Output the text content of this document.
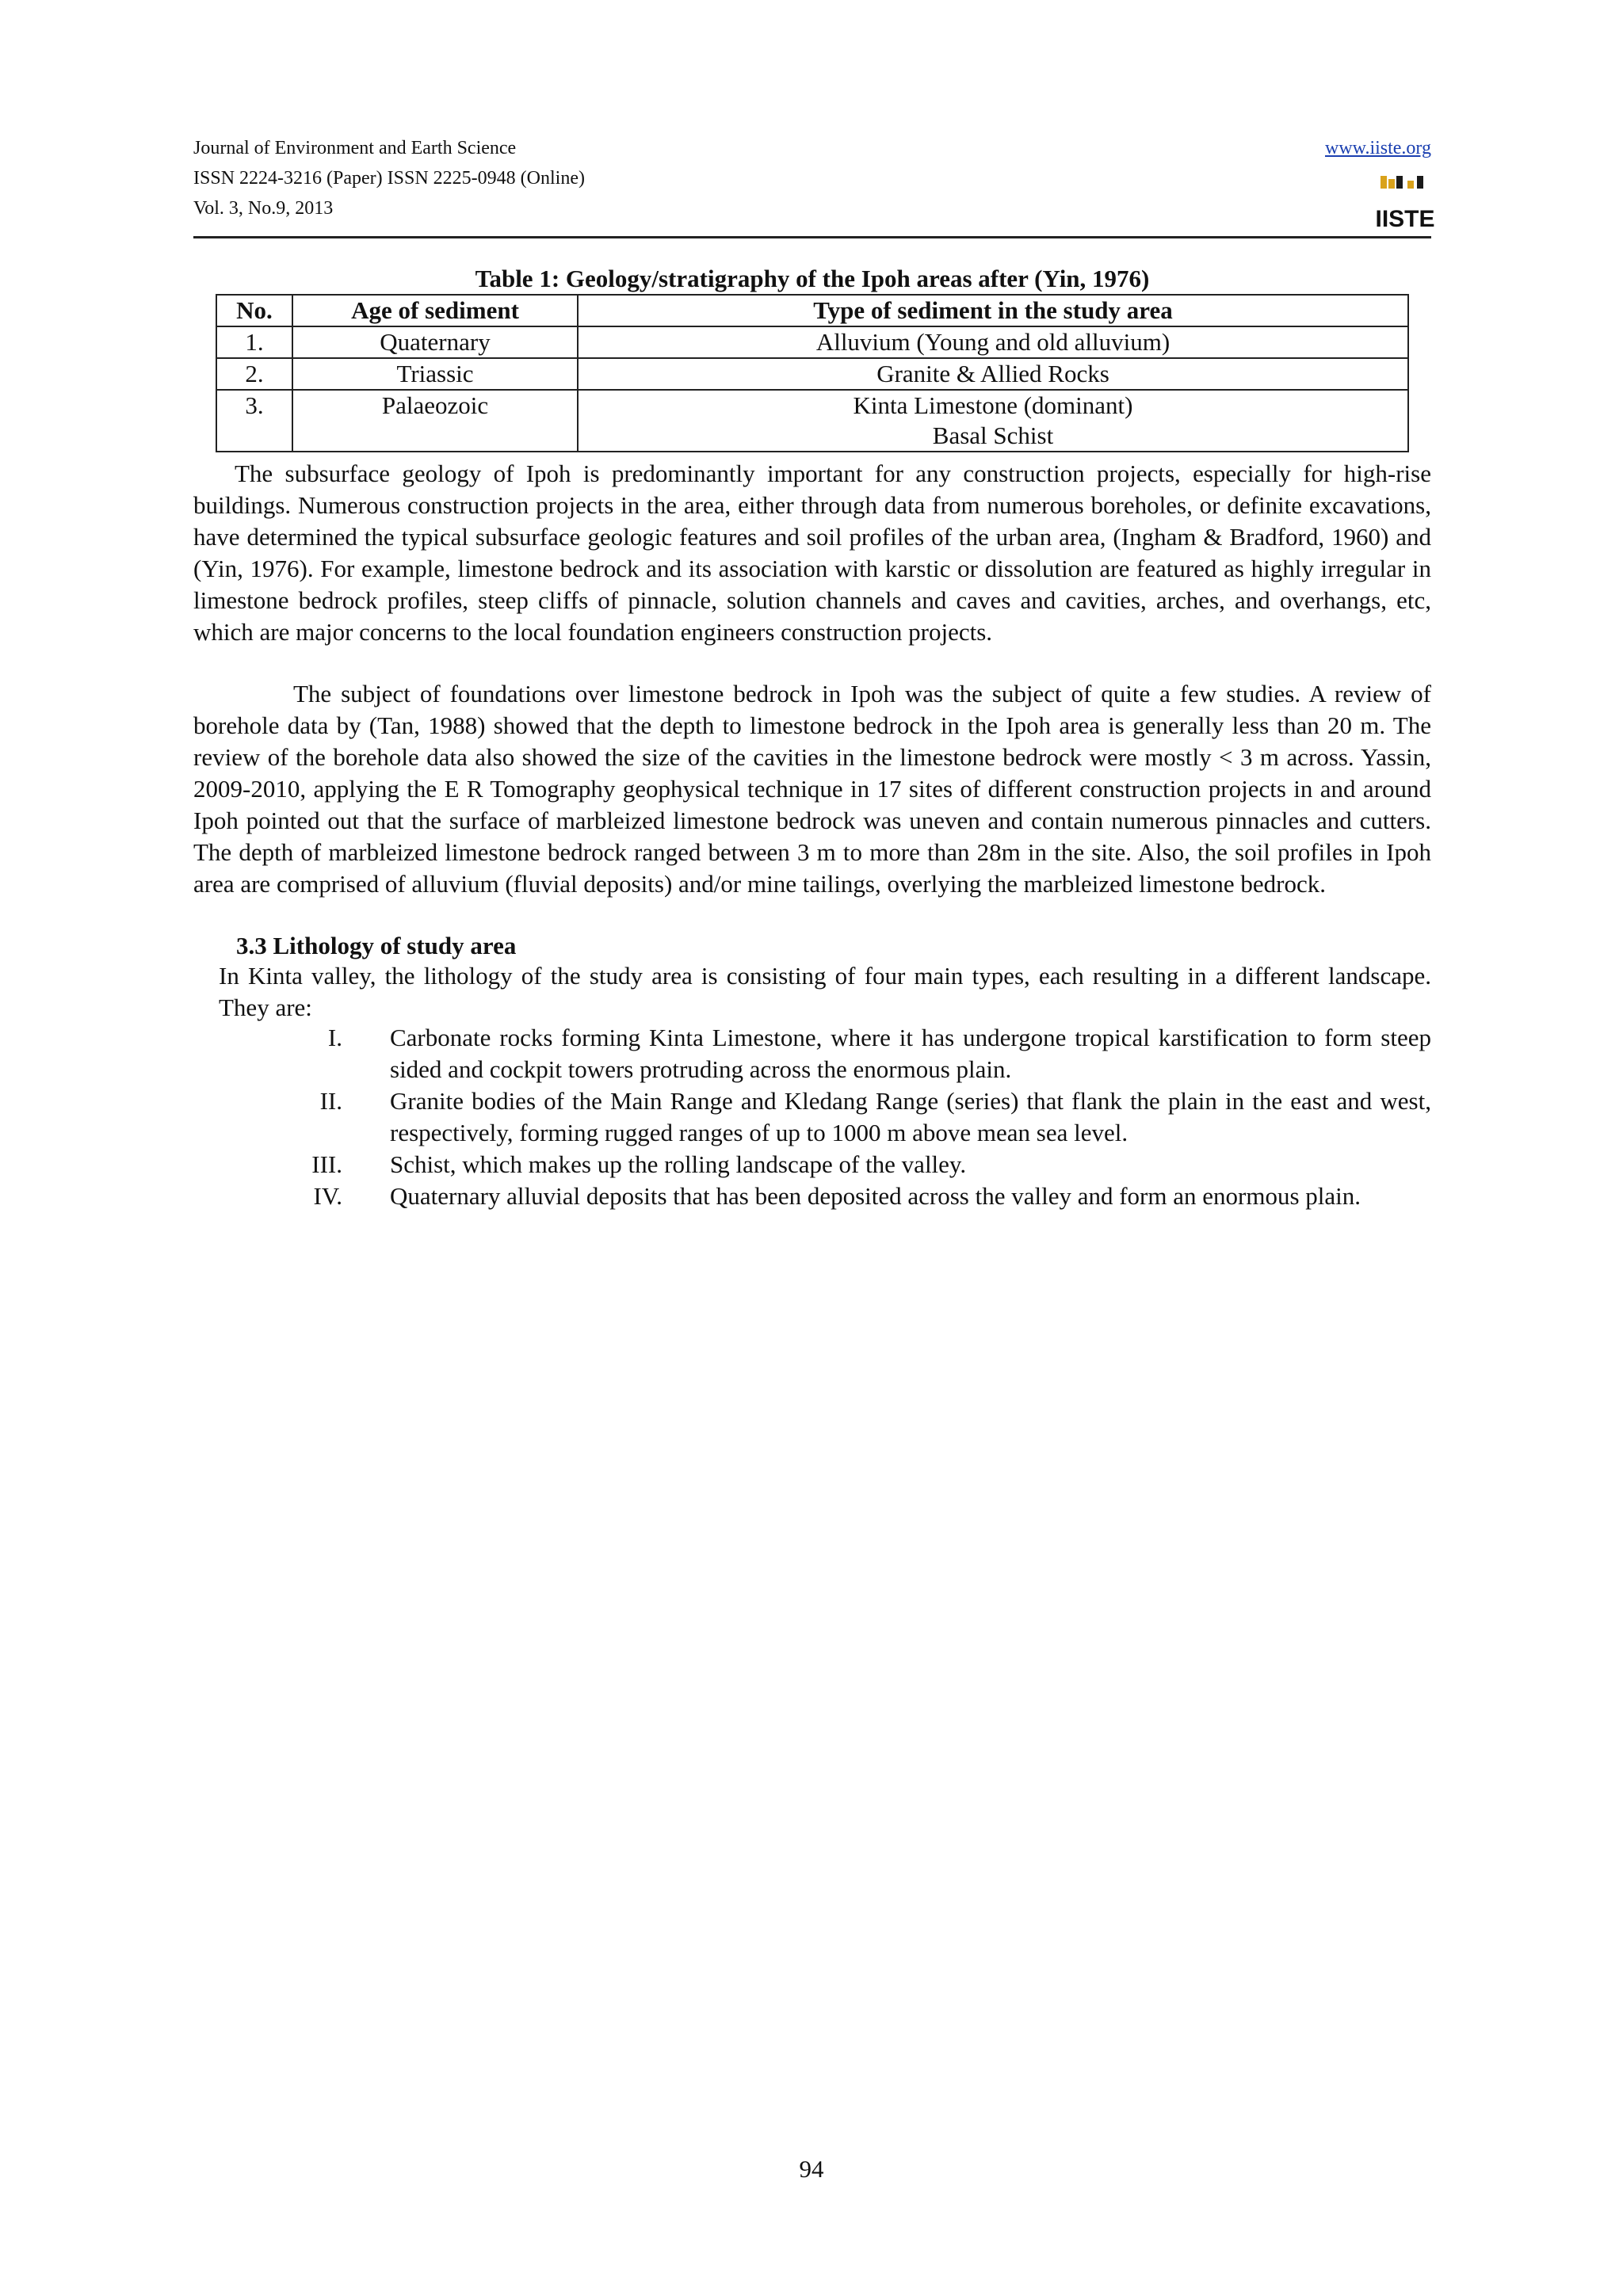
Journal of Environment and Earth Science
ISSN 2224-3216 (Paper) ISSN 2225-0948 (Online)
Vol. 3, No.9, 2013
www.iiste.org
IISTE
Table 1: Geology/stratigraphy of the Ipoh areas after (Yin, 1976)
No.	Age of sediment	Type of sediment in the study area
1.	Quaternary	Alluvium (Young and old alluvium)
2.	Triassic	Granite & Allied Rocks
3.	Palaeozoic	Kinta Limestone (dominant)
		Basal Schist

The subsurface geology of Ipoh is predominantly important for any construction projects, especially for high-rise buildings. Numerous construction projects in the area, either through data from numerous boreholes, or definite excavations, have determined the typical subsurface geologic features and soil profiles of the urban area, (Ingham & Bradford, 1960) and (Yin, 1976). For example, limestone bedrock and its association with karstic or dissolution are featured as highly irregular in limestone bedrock profiles, steep cliffs of pinnacle, solution channels and caves and cavities, arches, and overhangs, etc, which are major concerns to the local foundation engineers construction projects.

The subject of foundations over limestone bedrock in Ipoh was the subject of quite a few studies. A review of borehole data by (Tan, 1988) showed that the depth to limestone bedrock in the Ipoh area is generally less than 20 m. The review of the borehole data also showed the size of the cavities in the limestone bedrock were mostly < 3 m across. Yassin, 2009-2010, applying the E R Tomography geophysical technique in 17 sites of different construction projects in and around Ipoh pointed out that the surface of marbleized limestone bedrock was uneven and contain numerous pinnacles and cutters. The depth of marbleized limestone bedrock ranged between 3 m to more than 28m in the site. Also, the soil profiles in Ipoh area are comprised of alluvium (fluvial deposits) and/or mine tailings, overlying the marbleized limestone bedrock.

3.3 Lithology of study area

In Kinta valley, the lithology of the study area is consisting of four main types, each resulting in a different landscape. They are:

I. Carbonate rocks forming Kinta Limestone, where it has undergone tropical karstification to form steep sided and cockpit towers protruding across the enormous plain.
II. Granite bodies of the Main Range and Kledang Range (series) that flank the plain in the east and west, respectively, forming rugged ranges of up to 1000 m above mean sea level.
III. Schist, which makes up the rolling landscape of the valley.
IV. Quaternary alluvial deposits that has been deposited across the valley and form an enormous plain.
94
